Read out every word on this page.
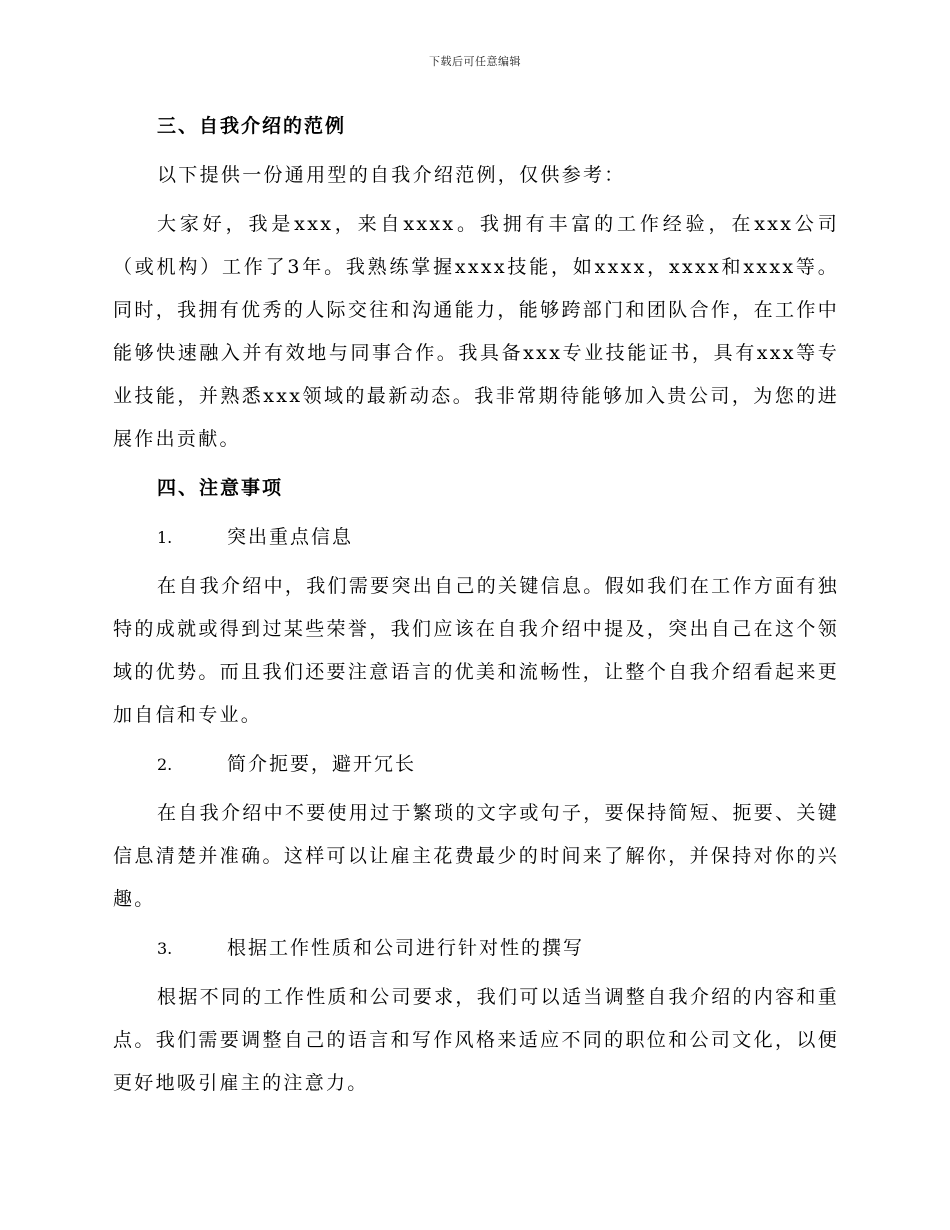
下载后可任意编辑
三、自我介绍的范例

以下提供一份通用型的自我介绍范例，仅供参考：

大家好，我是xxx，来自xxxx。我拥有丰富的工作经验，在xxx公司（或机构）工作了3年。我熟练掌握xxxx技能，如xxxx，xxxx和xxxx等。同时，我拥有优秀的人际交往和沟通能力，能够跨部门和团队合作，在工作中能够快速融入并有效地与同事合作。我具备xxx专业技能证书，具有xxx等专业技能，并熟悉xxx领域的最新动态。我非常期待能够加入贵公司，为您的进展作出贡献。

四、注意事项

1.	突出重点信息

在自我介绍中，我们需要突出自己的关键信息。假如我们在工作方面有独特的成就或得到过某些荣誉，我们应该在自我介绍中提及，突出自己在这个领域的优势。而且我们还要注意语言的优美和流畅性，让整个自我介绍看起来更加自信和专业。

2.	简介扼要，避开冗长

在自我介绍中不要使用过于繁琐的文字或句子，要保持简短、扼要、关键信息清楚并准确。这样可以让雇主花费最少的时间来了解你，并保持对你的兴趣。

3.	根据工作性质和公司进行针对性的撰写

根据不同的工作性质和公司要求，我们可以适当调整自我介绍的内容和重点。我们需要调整自己的语言和写作风格来适应不同的职位和公司文化，以便更好地吸引雇主的注意力。
